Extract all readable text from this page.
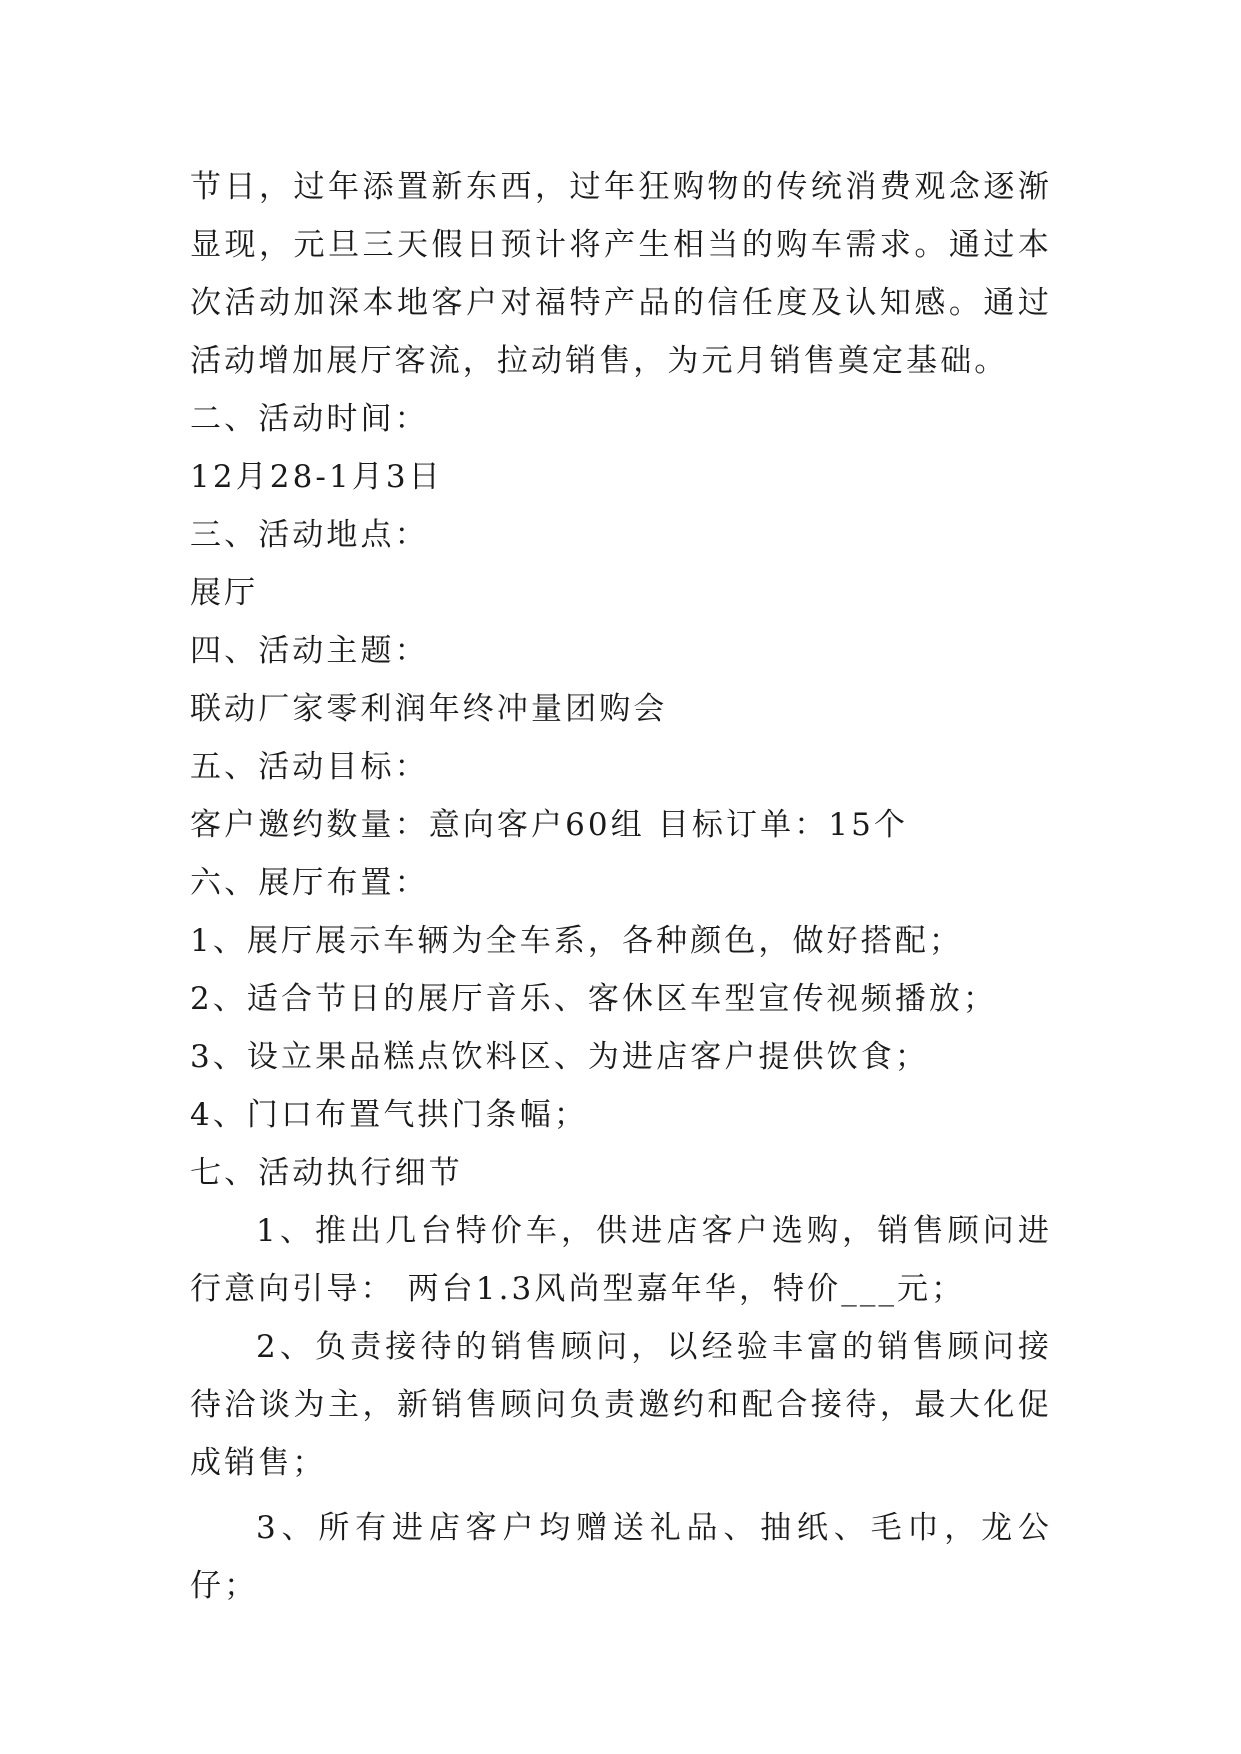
节日，过年添置新东西，过年狂购物的传统消费观念逐渐显现，元旦三天假日预计将产生相当的购车需求。通过本次活动加深本地客户对福特产品的信任度及认知感。通过活动增加展厅客流，拉动销售，为元月销售奠定基础。

二、活动时间：

12月28-1月3日

三、活动地点：

展厅

四、活动主题：

联动厂家零利润年终冲量团购会

五、活动目标：

客户邀约数量：意向客户60组 目标订单：15个

六、展厅布置：

1、展厅展示车辆为全车系，各种颜色，做好搭配；

2、适合节日的展厅音乐、客休区车型宣传视频播放；

3、设立果品糕点饮料区、为进店客户提供饮食；

4、门口布置气拱门条幅；

七、活动执行细节

1、推出几台特价车，供进店客户选购，销售顾问进行意向引导： 两台1.3风尚型嘉年华，特价___元；

2、负责接待的销售顾问，以经验丰富的销售顾问接待洽谈为主，新销售顾问负责邀约和配合接待，最大化促成销售；

3、所有进店客户均赠送礼品、抽纸、毛巾，龙公仔；
